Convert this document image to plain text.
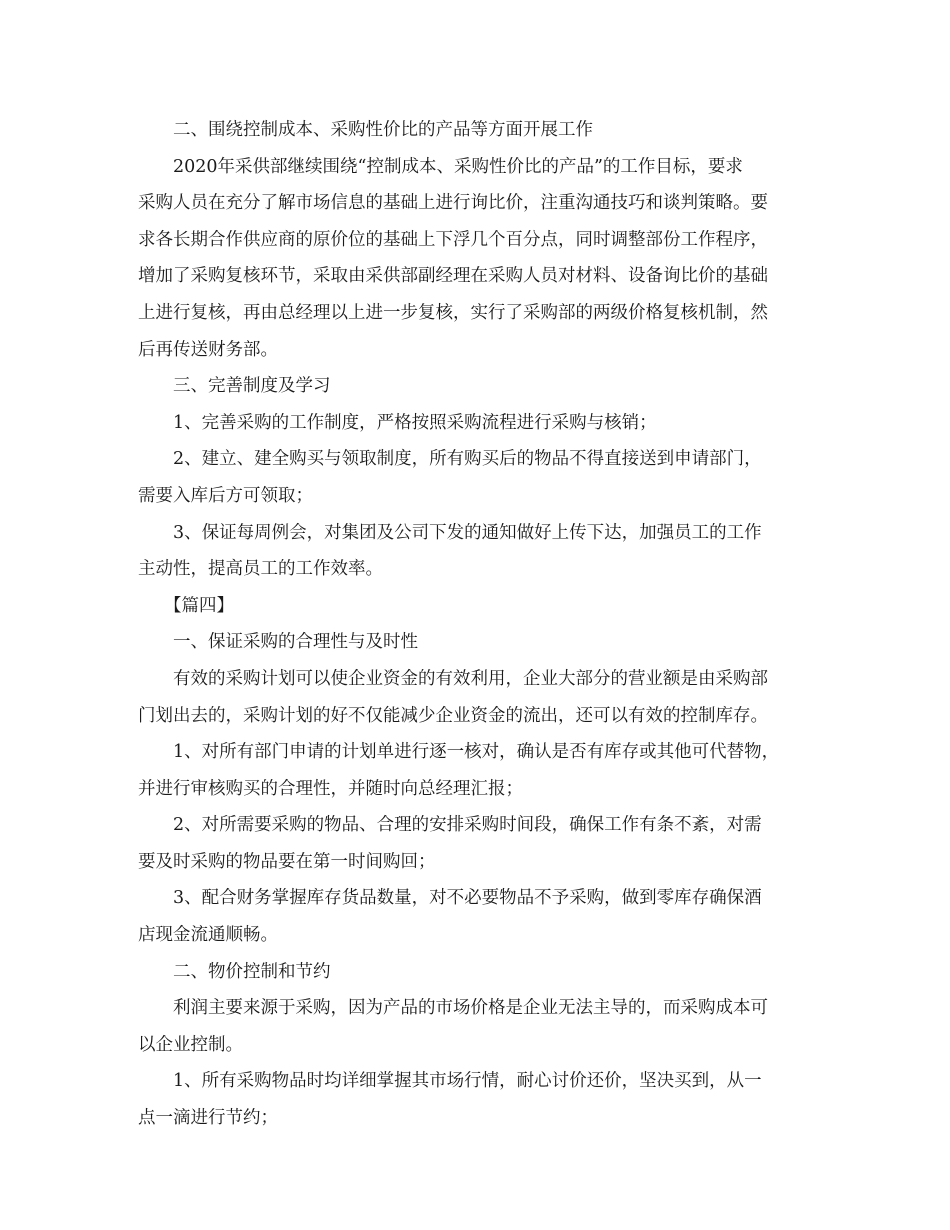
二、围绕控制成本、采购性价比的产品等方面开展工作

2020年采供部继续围绕“控制成本、采购性价比的产品”的工作目标，要求

采购人员在充分了解市场信息的基础上进行询比价，注重沟通技巧和谈判策略。要

求各长期合作供应商的原价位的基础上下浮几个百分点，同时调整部份工作程序，

增加了采购复核环节，采取由采供部副经理在采购人员对材料、设备询比价的基础

上进行复核，再由总经理以上进一步复核，实行了采购部的两级价格复核机制，然

后再传送财务部。

三、完善制度及学习

1、完善采购的工作制度，严格按照采购流程进行采购与核销；

2、建立、建全购买与领取制度，所有购买后的物品不得直接送到申请部门，

需要入库后方可领取；

3、保证每周例会，对集团及公司下发的通知做好上传下达，加强员工的工作

主动性，提高员工的工作效率。

【篇四】

一、保证采购的合理性与及时性

有效的采购计划可以使企业资金的有效利用，企业大部分的营业额是由采购部

门划出去的，采购计划的好不仅能减少企业资金的流出，还可以有效的控制库存。

1、对所有部门申请的计划单进行逐一核对，确认是否有库存或其他可代替物，

并进行审核购买的合理性，并随时向总经理汇报；

2、对所需要采购的物品、合理的安排采购时间段，确保工作有条不紊，对需

要及时采购的物品要在第一时间购回；

3、配合财务掌握库存货品数量，对不必要物品不予采购，做到零库存确保酒

店现金流通顺畅。

二、物价控制和节约

利润主要来源于采购，因为产品的市场价格是企业无法主导的，而采购成本可

以企业控制。

1、所有采购物品时均详细掌握其市场行情，耐心讨价还价，坚决买到，从一

点一滴进行节约；
